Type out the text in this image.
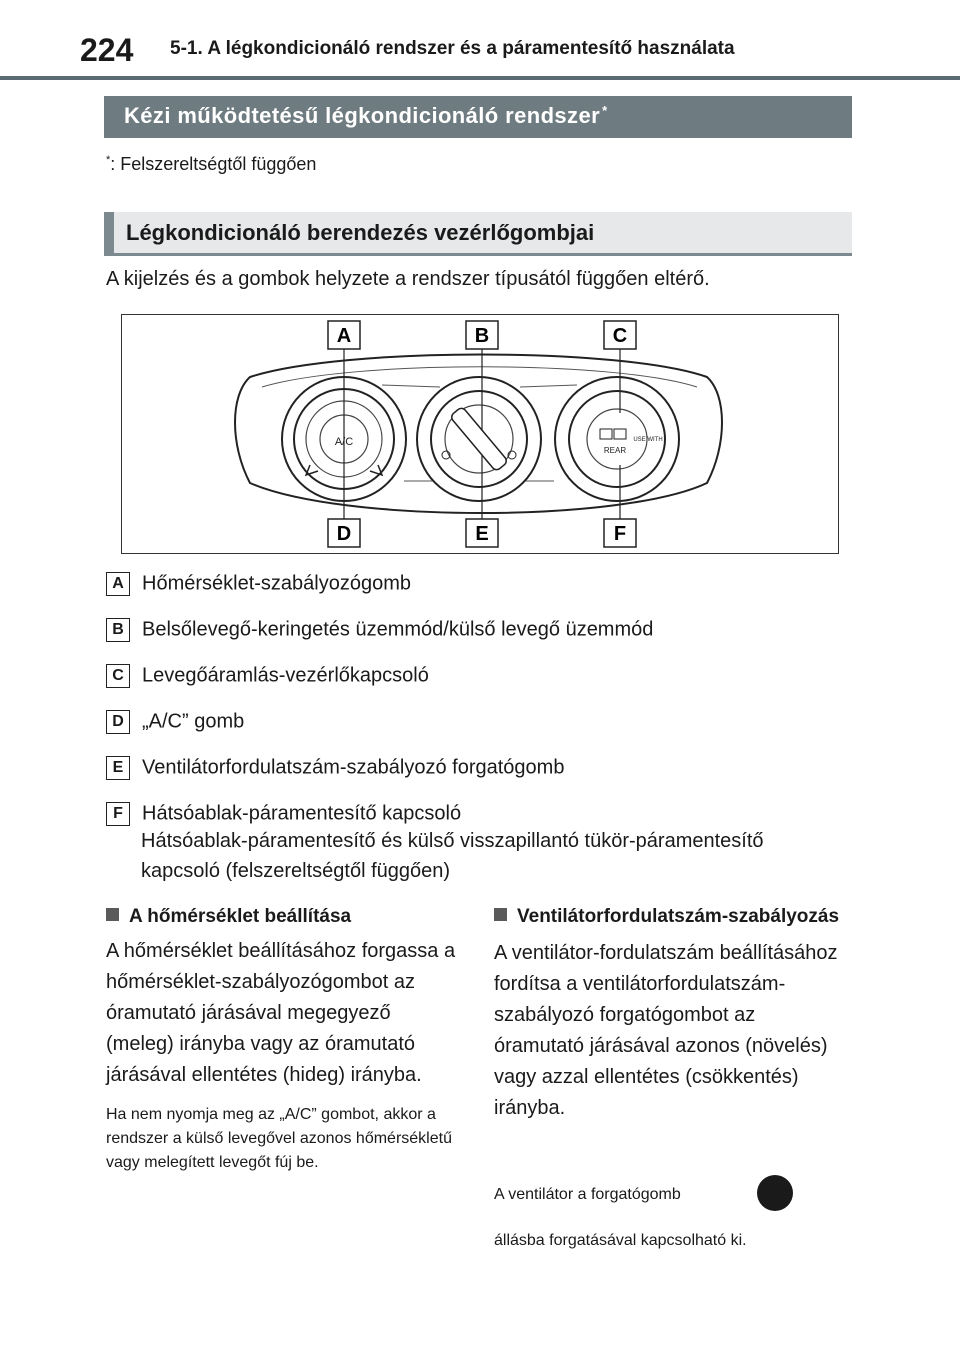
224 5-1. A légkondicionáló rendszer és a páramentesítő használata
Kézi működtetésű légkondicionáló rendszer *
*: Felszereltségtől függően
Légkondicionáló berendezés vezérlőgombjai
A kijelzés és a gombok helyzete a rendszer típusától függően eltérő.
A/C
REAR
USE WITH
A	B	C
D	E	F
A Hőmérséklet-szabályozógomb
B Belsőlevegő-keringetés üzemmód/külső levegő üzemmód
C Levegőáramlás-vezérlőkapcsoló
D „A/C” gomb
E Ventilátorfordulatszám-szabályozó forgatógomb
F Hátsóablak-páramentesítő kapcsoló
Hátsóablak-páramentesítő és külső visszapillantó tükör-páramentesítő kapcsoló (felszereltségtől függően)
A hőmérséklet beállítása
A hőmérséklet beállításához forgassa a hőmérséklet-szabályozógombot az óramutató járásával megegyező (meleg) irányba vagy az óramutató járásával ellentétes (hideg) irányba.
Ha nem nyomja meg az „A/C” gombot, akkor a rendszer a külső levegővel azonos hőmérsékletű vagy melegített levegőt fúj be.
Ventilátorfordulatszám-szabályozás
A ventilátor-fordulatszám beállításához fordítsa a ventilátorfordulatszám-szabályozó forgatógombot az óramutató járásával azonos (növelés) vagy azzal ellentétes (csökkentés) irányba.
A ventilátor a forgatógomb
állásba forgatásával kapcsolható ki.
